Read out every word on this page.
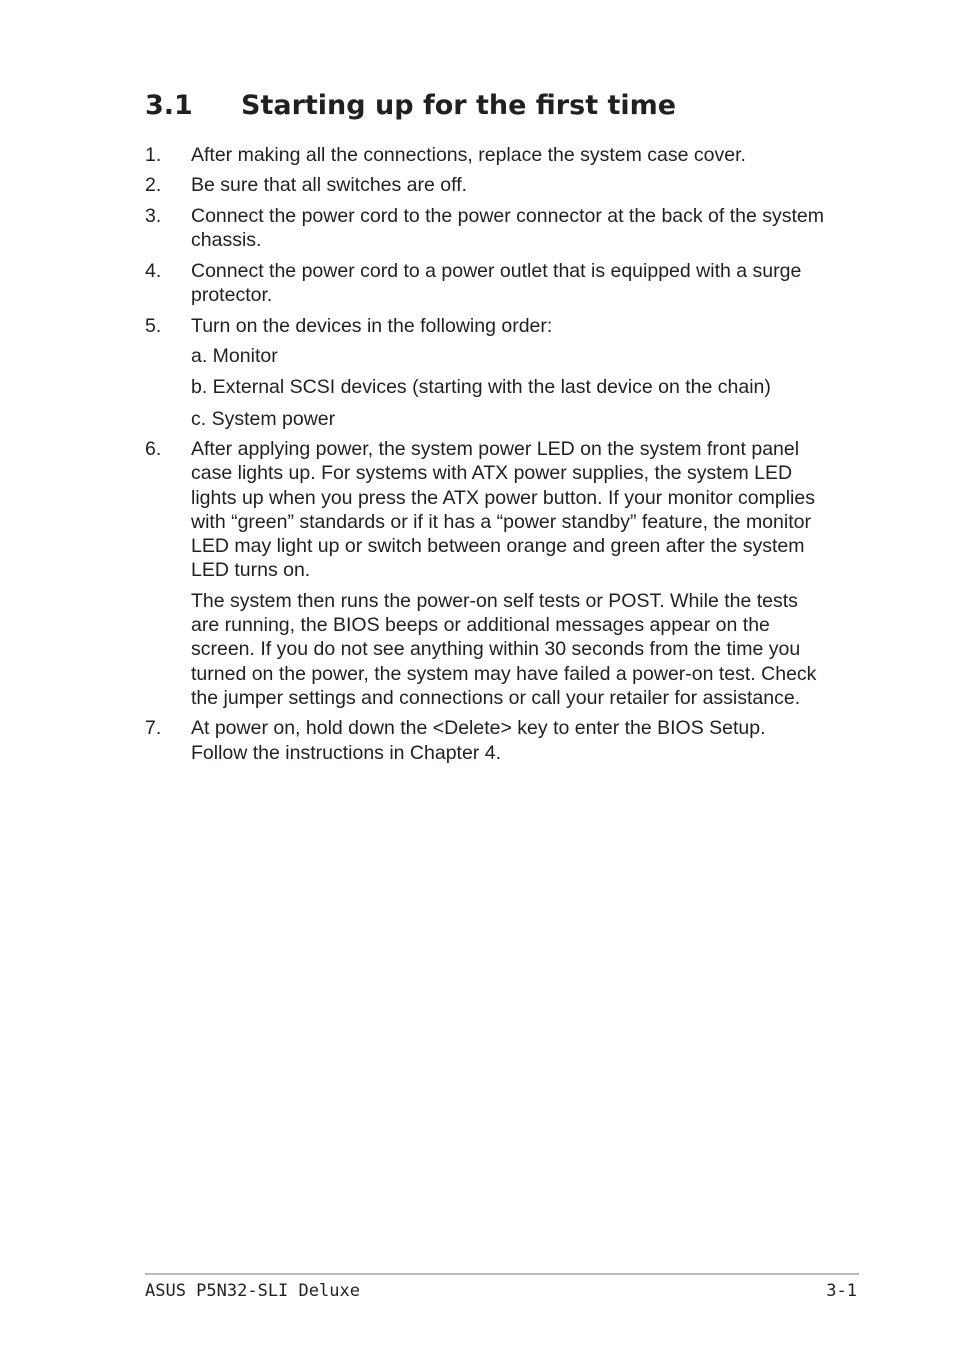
3.1 Starting up for the first time
1. After making all the connections, replace the system case cover.

2. Be sure that all switches are off.

3. Connect the power cord to the power connector at the back of the system chassis.

4. Connect the power cord to a power outlet that is equipped with a surge protector.

5. Turn on the devices in the following order:

a. Monitor
b. External SCSI devices (starting with the last device on the chain)
c. System power
6. After applying power, the system power LED on the system front panel case lights up. For systems with ATX power supplies, the system LED lights up when you press the ATX power button. If your monitor complies with “green” standards or if it has a “power standby” feature, the monitor LED may light up or switch between orange and green after the system LED turns on.

The system then runs the power-on self tests or POST. While the tests are running, the BIOS beeps or additional messages appear on the screen. If you do not see anything within 30 seconds from the time you turned on the power, the system may have failed a power-on test. Check the jumper settings and connections or call your retailer for assistance.

7. At power on, hold down the <Delete> key to enter the BIOS Setup. Follow the instructions in Chapter 4.

ASUS P5N32-SLI Deluxe	3-1
